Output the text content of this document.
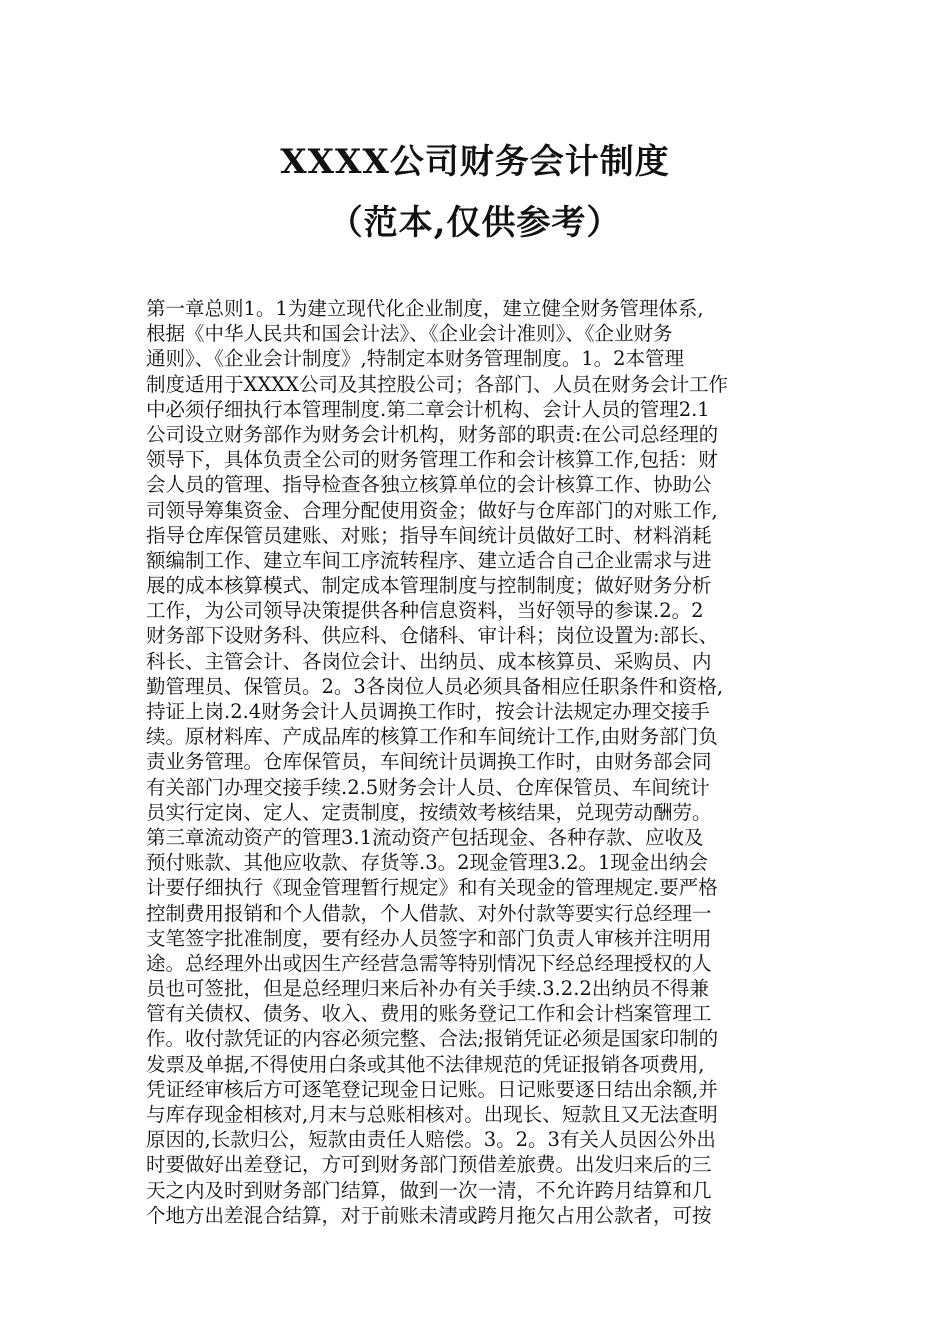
XXXX公司财务会计制度
（范本,仅供参考）
第一章总则1。1为建立现代化企业制度，建立健全财务管理体系,
根据《中华人民共和国会计法》、《企业会计准则》、《企业财务
通则》、《企业会计制度》,特制定本财务管理制度。1。2本管理
制度适用于XXXX公司及其控股公司；各部门、人员在财务会计工作
中必须仔细执行本管理制度.第二章会计机构、会计人员的管理2.1
公司设立财务部作为财务会计机构，财务部的职责:在公司总经理的
领导下，具体负责全公司的财务管理工作和会计核算工作,包括：财
会人员的管理、指导检查各独立核算单位的会计核算工作、协助公
司领导筹集资金、合理分配使用资金；做好与仓库部门的对账工作,
指导仓库保管员建账、对账；指导车间统计员做好工时、材料消耗
额编制工作、建立车间工序流转程序、建立适合自己企业需求与进
展的成本核算模式、制定成本管理制度与控制制度；做好财务分析
工作，为公司领导决策提供各种信息资料，当好领导的参谋.2。2
财务部下设财务科、供应科、仓储科、审计科；岗位设置为:部长、
科长、主管会计、各岗位会计、出纳员、成本核算员、采购员、内
勤管理员、保管员。2。3各岗位人员必须具备相应任职条件和资格,
持证上岗.2.4财务会计人员调换工作时，按会计法规定办理交接手
续。原材料库、产成品库的核算工作和车间统计工作,由财务部门负
责业务管理。仓库保管员，车间统计员调换工作时，由财务部会同
有关部门办理交接手续.2.5财务会计人员、仓库保管员、车间统计
员实行定岗、定人、定责制度，按绩效考核结果，兑现劳动酬劳。
第三章流动资产的管理3.1流动资产包括现金、各种存款、应收及
预付账款、其他应收款、存货等.3。2现金管理3.2。1现金出纳会
计要仔细执行《现金管理暂行规定》和有关现金的管理规定.要严格
控制费用报销和个人借款，个人借款、对外付款等要实行总经理一
支笔签字批准制度，要有经办人员签字和部门负责人审核并注明用
途。总经理外出或因生产经营急需等特别情况下经总经理授权的人
员也可签批，但是总经理归来后补办有关手续.3.2.2出纳员不得兼
管有关债权、债务、收入、费用的账务登记工作和会计档案管理工
作。收付款凭证的内容必须完整、合法;报销凭证必须是国家印制的
发票及单据,不得使用白条或其他不法律规范的凭证报销各项费用,
凭证经审核后方可逐笔登记现金日记账。日记账要逐日结出余额,并
与库存现金相核对,月末与总账相核对。出现长、短款且又无法查明
原因的,长款归公，短款由责任人赔偿。3。2。3有关人员因公外出
时要做好出差登记，方可到财务部门预借差旅费。出发归来后的三
天之内及时到财务部门结算，做到一次一清，不允许跨月结算和几
个地方出差混合结算，对于前账未清或跨月拖欠占用公款者，可按
